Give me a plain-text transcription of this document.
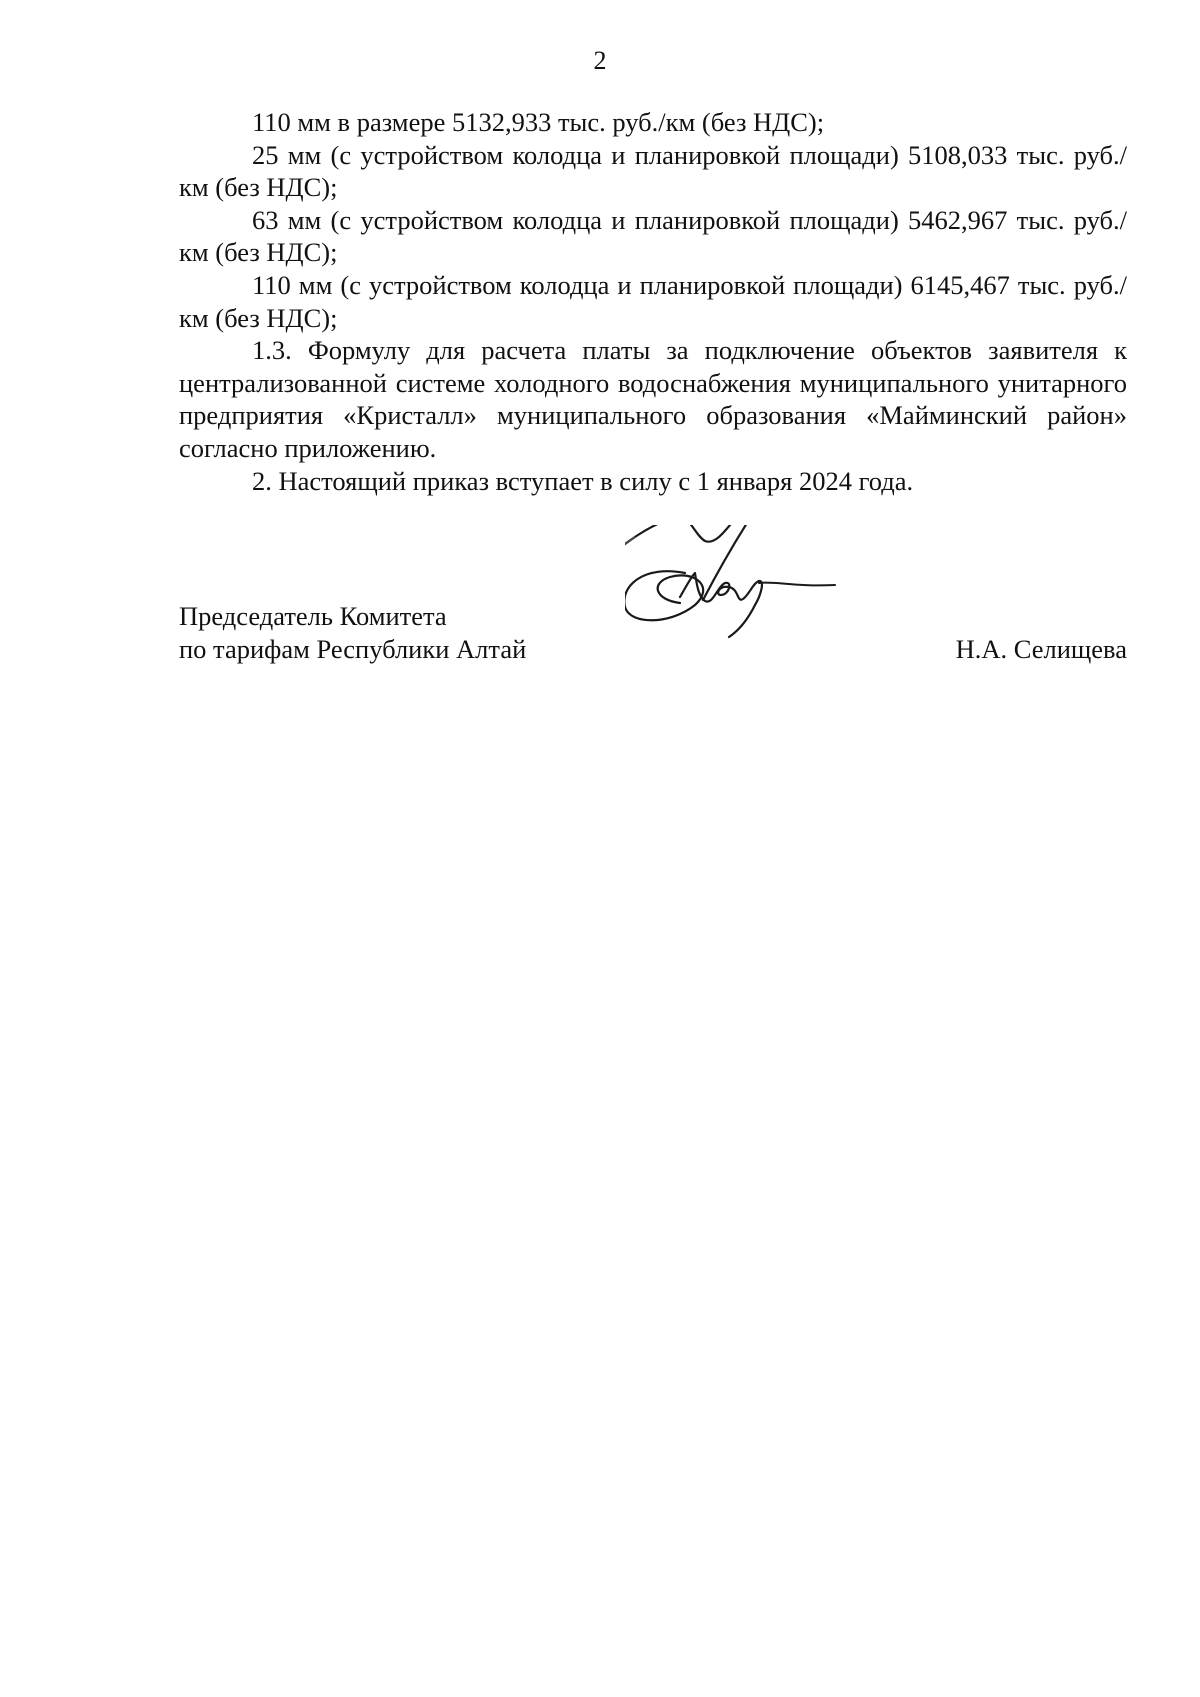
2

110 мм в размере 5132,933 тыс. руб./км (без НДС);

25 мм (с устройством колодца и планировкой площади) 5108,033 тыс. руб./км (без НДС);

63 мм (с устройством колодца и планировкой площади) 5462,967 тыс. руб./км (без НДС);

110 мм (с устройством колодца и планировкой площади) 6145,467 тыс. руб./км (без НДС);

1.3. Формулу для расчета платы за подключение объектов заявителя к централизованной системе холодного водоснабжения муниципального унитарного предприятия «Кристалл» муниципального образования «Майминский район» согласно приложению.

2. Настоящий приказ вступает в силу с 1 января 2024 года.

Председатель Комитета
по тарифам Республики Алтай	Н.А. Селищева
